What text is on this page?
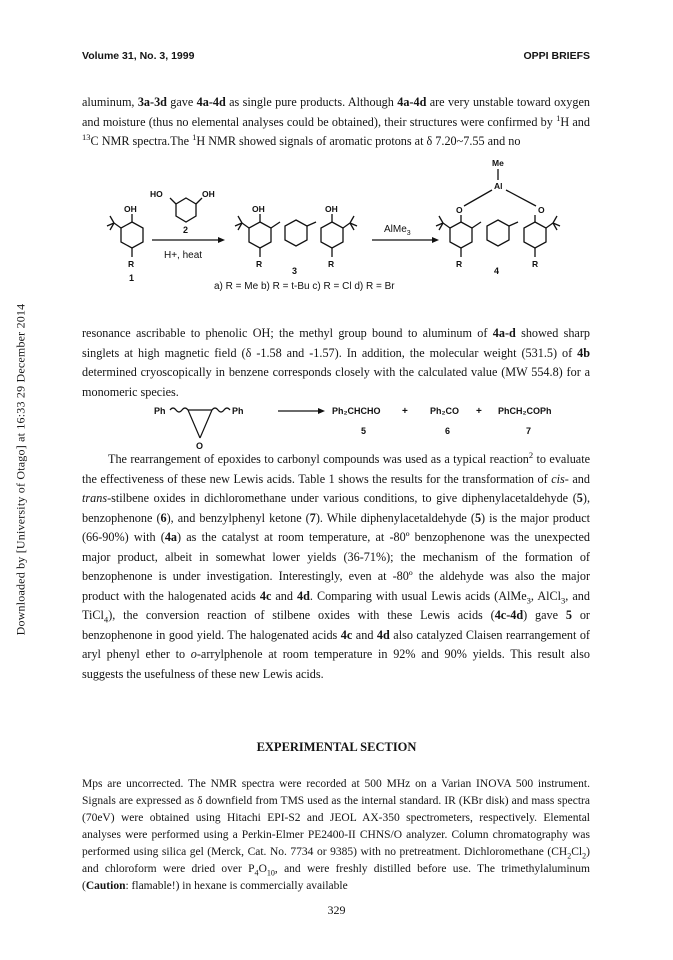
Volume 31, No. 3, 1999	OPPI BRIEFS
Downloaded by [University of Otago] at 16:33 29 December 2014
aluminum, 3a-3d gave 4a-4d as single pure products. Although 4a-4d are very unstable toward oxygen and moisture (thus no elemental analyses could be obtained), their structures were confirmed by $^1$H and $^{13}$C NMR spectra.The $^1$H NMR showed signals of aromatic protons at δ 7.20~7.55 and no
OH
R
1
HO	OH
2
H+, heat
OH	OH
R	R
3
AlMe$_3$
Me
Al
O	O
R	R
4
a) R = Me b) R = t-Bu c) R = Cl d) R = Br
resonance ascribable to phenolic OH; the methyl group bound to aluminum of 4a-d showed sharp singlets at high magnetic field (δ -1.58 and -1.57). In addition, the molecular weight (531.5) of 4b determined cryoscopically in benzene corresponds closely with the calculated value (MW 554.8) for a monomeric species.
Ph	Ph
O
Ph₂CHCHO + Ph₂CO + PhCH₂COPh
5	6	7
The rearrangement of epoxides to carbonyl compounds was used as a typical reaction$^2$ to evaluate the effectiveness of these new Lewis acids. Table 1 shows the results for the transformation of cis- and trans-stilbene oxides in dichloromethane under various conditions, to give diphenylacetaldehyde (5), benzophenone (6), and benzylphenyl ketone (7). While diphenylacetaldehyde (5) is the major product (66-90%) with (4a) as the catalyst at room temperature, at -80º benzophenone was the unexpected major product, albeit in somewhat lower yields (36-71%); the mechanism of the formation of benzophenone is under investigation. Interestingly, even at -80º the aldehyde was also the major product with the halogenated acids 4c and 4d. Comparing with usual Lewis acids (AlMe$_3$, AlCl$_3$, and TiCl$_4$), the conversion reaction of stilbene oxides with these Lewis acids (4c-4d) gave 5 or benzophenone in good yield. The halogenated acids 4c and 4d also catalyzed Claisen rearrangement of aryl phenyl ether to o-arrylphenole at room temperature in 92% and 90% yields. This result also suggests the usefulness of these new Lewis acids.
EXPERIMENTAL SECTION
Mps are uncorrected. The NMR spectra were recorded at 500 MHz on a Varian INOVA 500 instrument. Signals are expressed as δ downfield from TMS used as the internal standard. IR (KBr disk) and mass spectra (70eV) were obtained using Hitachi EPI-S2 and JEOL AX-350 spectrometers, respectively. Elemental analyses were performed using a Perkin-Elmer PE2400-II CHNS/O analyzer. Column chromatography was performed using silica gel (Merck, Cat. No. 7734 or 9385) with no pretreatment. Dichloromethane $(CH_2Cl_2)$ and chloroform were dried over $P_4O_{10}$, and were freshly distilled before use. The trimethylaluminum (Caution: flamable!) in hexane is commercially available
329
